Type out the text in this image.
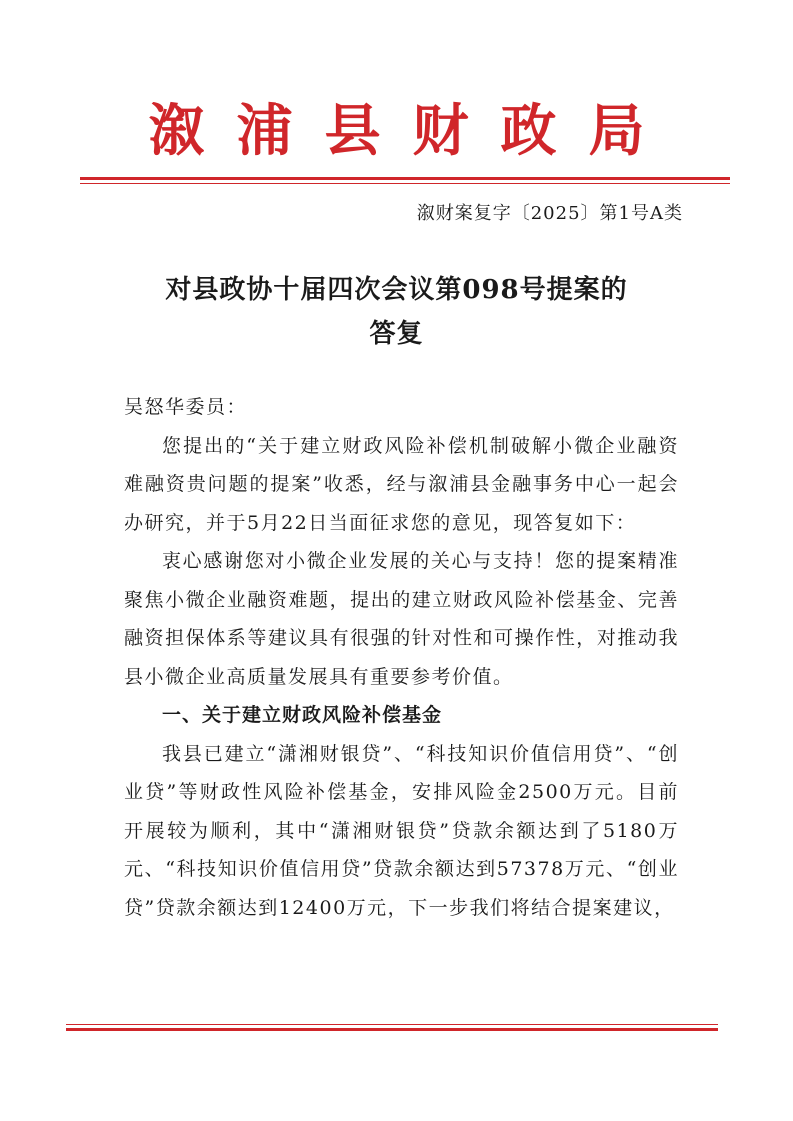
溆浦县财政局
溆财案复字〔2025〕第1号A类
对县政协十届四次会议第098号提案的
答复

吴怒华委员：

您提出的“关于建立财政风险补偿机制破解小微企业融资难融资贵问题的提案”收悉，经与溆浦县金融事务中心一起会办研究，并于5月22日当面征求您的意见，现答复如下：

衷心感谢您对小微企业发展的关心与支持！您的提案精准聚焦小微企业融资难题，提出的建立财政风险补偿基金、完善融资担保体系等建议具有很强的针对性和可操作性，对推动我县小微企业高质量发展具有重要参考价值。

一、关于建立财政风险补偿基金

我县已建立“潇湘财银贷”、“科技知识价值信用贷”、“创业贷”等财政性风险补偿基金，安排风险金2500万元。目前开展较为顺利，其中“潇湘财银贷”贷款余额达到了5180万元、“科技知识价值信用贷”贷款余额达到57378万元、“创业贷”贷款余额达到12400万元，下一步我们将结合提案建议，
